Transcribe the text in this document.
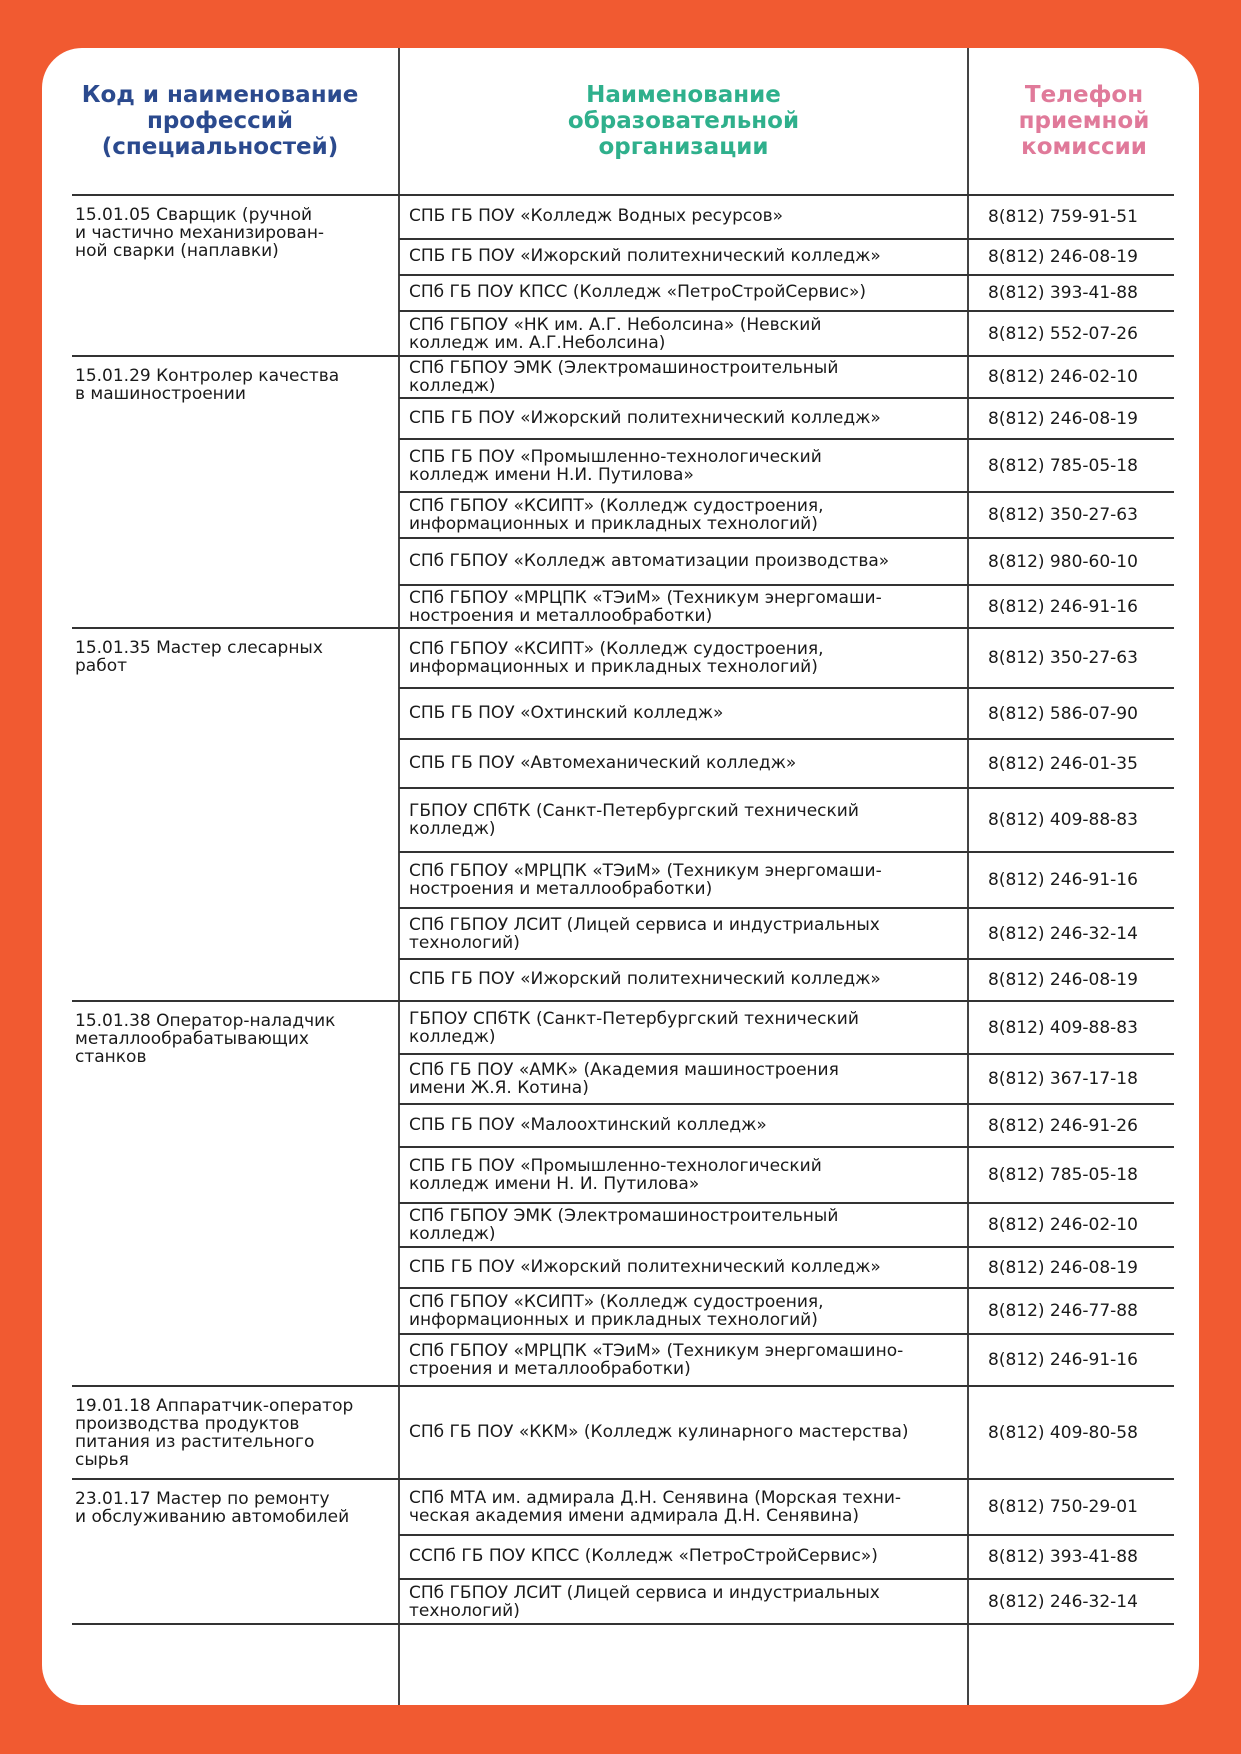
Код и наименование
профессий
(специальностей)
Наименование
образовательной
организации
Телефон
приемной
комиссии
15.01.05 Сварщик (ручной
и частично механизирован-
ной сварки (наплавки)
СПБ ГБ ПОУ «Колледж Водных ресурсов»	8(812) 759-91-51
СПБ ГБ ПОУ «Ижорский политехнический колледж»	8(812) 246-08-19
СПб ГБ ПОУ КПСС (Колледж «ПетроСтройСервис»)	8(812) 393-41-88
СПб ГБПОУ «НК им. А.Г. Неболсина» (Невский
колледж им. А.Г.Неболсина)	8(812) 552-07-26
15.01.29 Контролер качества
в машиностроении
СПб ГБПОУ ЭМК (Электромашиностроительный
колледж)	8(812) 246-02-10
СПБ ГБ ПОУ «Ижорский политехнический колледж»	8(812) 246-08-19
СПБ ГБ ПОУ «Промышленно-технологический
колледж имени Н.И. Путилова»	8(812) 785-05-18
СПб ГБПОУ «КСИПТ» (Колледж судостроения,
информационных и прикладных технологий)	8(812) 350-27-63
СПб ГБПОУ «Колледж автоматизации производства»	8(812) 980-60-10
СПб ГБПОУ «МРЦПК «ТЭиМ» (Техникум энергомаши-
ностроения и металлообработки)	8(812) 246-91-16
15.01.35 Мастер слесарных
работ
СПб ГБПОУ «КСИПТ» (Колледж судостроения,
информационных и прикладных технологий)	8(812) 350-27-63
СПБ ГБ ПОУ «Охтинский колледж»	8(812) 586-07-90
СПБ ГБ ПОУ «Автомеханический колледж»	8(812) 246-01-35
ГБПОУ СПбТК (Санкт-Петербургский технический
колледж)	8(812) 409-88-83
СПб ГБПОУ «МРЦПК «ТЭиМ» (Техникум энергомаши-
ностроения и металлообработки)	8(812) 246-91-16
СПб ГБПОУ ЛСИТ (Лицей сервиса и индустриальных
технологий)	8(812) 246-32-14
СПБ ГБ ПОУ «Ижорский политехнический колледж»	8(812) 246-08-19
15.01.38 Оператор-наладчик
металлообрабатывающих
станков
ГБПОУ СПбТК (Санкт-Петербургский технический
колледж)	8(812) 409-88-83
СПб ГБ ПОУ «АМК» (Академия машиностроения
имени Ж.Я. Котина)	8(812) 367-17-18
СПБ ГБ ПОУ «Малоохтинский колледж»	8(812) 246-91-26
СПБ ГБ ПОУ «Промышленно-технологический
колледж имени Н. И. Путилова»	8(812) 785-05-18
СПб ГБПОУ ЭМК (Электромашиностроительный
колледж)	8(812) 246-02-10
СПБ ГБ ПОУ «Ижорский политехнический колледж»	8(812) 246-08-19
СПб ГБПОУ «КСИПТ» (Колледж судостроения,
информационных и прикладных технологий)	8(812) 246-77-88
СПб ГБПОУ «МРЦПК «ТЭиМ» (Техникум энергомашино-
строения и металлообработки)	8(812) 246-91-16
19.01.18 Аппаратчик-оператор
производства продуктов
питания из растительного
сырья
СПб ГБ ПОУ «ККМ» (Колледж кулинарного мастерства)	8(812) 409-80-58
23.01.17 Мастер по ремонту
и обслуживанию автомобилей
СПб МТА им. адмирала Д.Н. Сенявина (Морская техни-
ческая академия имени адмирала Д.Н. Сенявина)	8(812) 750-29-01
ССПб ГБ ПОУ КПСС (Колледж «ПетроСтройСервис»)	8(812) 393-41-88
СПб ГБПОУ ЛСИТ (Лицей сервиса и индустриальных
технологий)	8(812) 246-32-14
